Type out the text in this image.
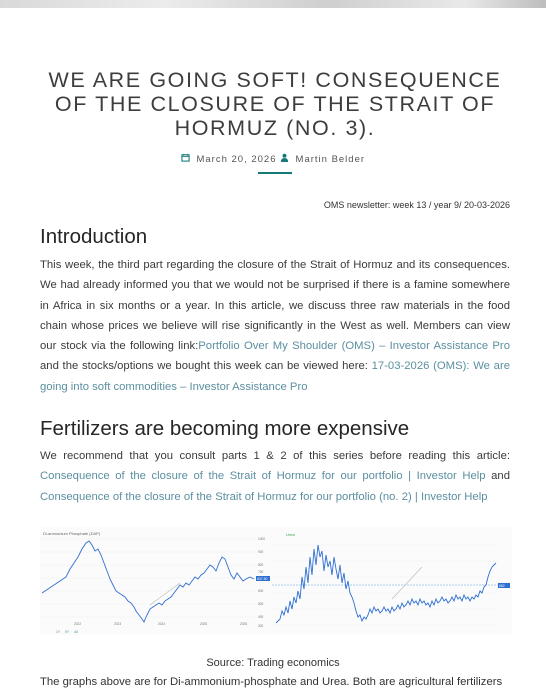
WE ARE GOING SOFT! CONSEQUENCE OF THE CLOSURE OF THE STRAIT OF HORMUZ (NO. 3).
March 20, 2026 Martin Belder
OMS newsletter: week 13 / year 9/ 20-03-2026
Introduction

This week, the third part regarding the closure of the Strait of Hormuz and its consequences. We had already informed you that we would not be surprised if there is a famine somewhere in Africa in six months or a year. In this article, we discuss three raw materials in the food chain whose prices we believe will rise significantly in the West as well. Members can view our stock via the following link:Portfolio Over My Shoulder (OMS) – Investor Assistance Pro and the stocks/options we bought this week can be viewed here: 17-03-2026 (OMS): We are going into soft commodities – Investor Assistance Pro

Fertilizers are becoming more expensive

We recommend that you consult parts 1 & 2 of this series before reading this article: Consequence of the closure of the Strait of Hormuz for our portfolio | Investor Help and Consequence of the closure of the Strait of Hormuz for our portfolio (no. 2) | Investor Help

Di-ammonium Phosphate (DAP)
637.50
1000
900
800
700
600
500
400
300
2022	2023	2024	2025	2026
1Y 5Y All
Urea
682
Source: Trading economics
The graphs above are for Di-ammonium-phosphate and Urea. Both are agricultural fertilizers
